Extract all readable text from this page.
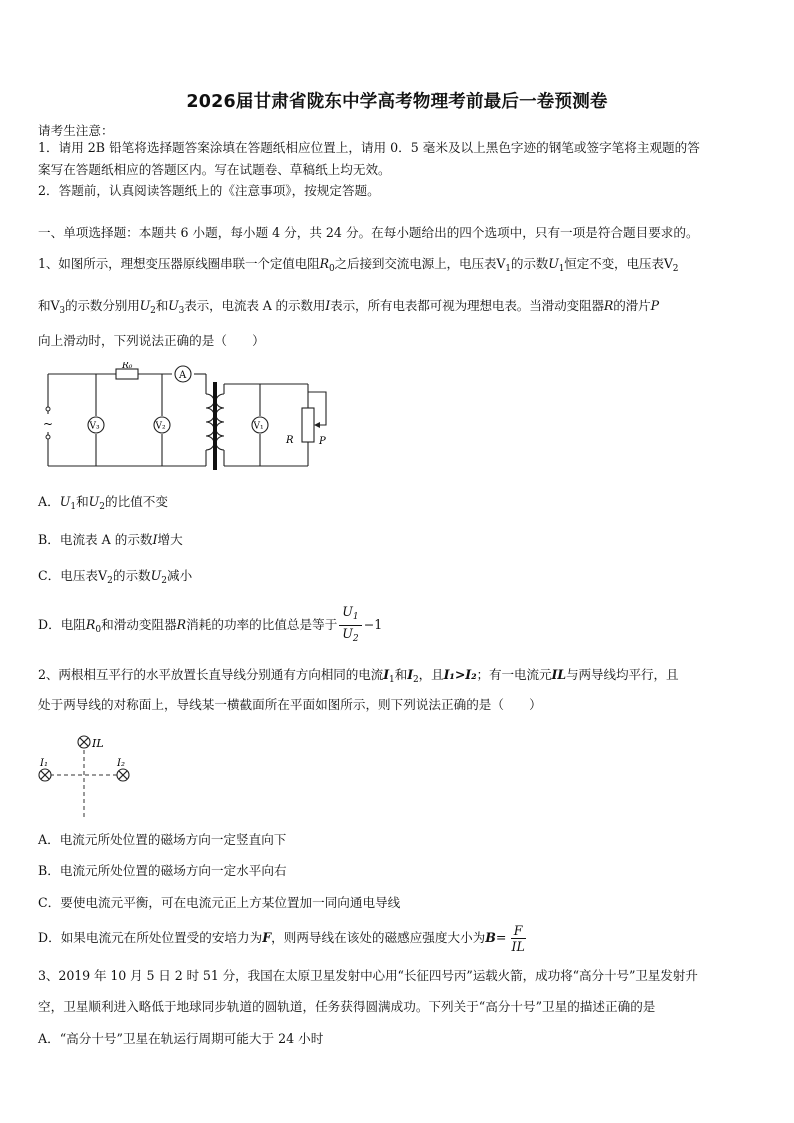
2026届甘肃省陇东中学高考物理考前最后一卷预测卷
请考生注意：
1．请用 2B 铅笔将选择题答案涂填在答题纸相应位置上，请用 0．5 毫米及以上黑色字迹的钢笔或签字笔将主观题的答
案写在答题纸相应的答题区内。写在试题卷、草稿纸上均无效。
2．答题前，认真阅读答题纸上的《注意事项》，按规定答题。
一、单项选择题：本题共 6 小题，每小题 4 分，共 24 分。在每小题给出的四个选项中，只有一项是符合题目要求的。
1、如图所示，理想变压器原线圈串联一个定值电阻$R_0$之后接到交流电源上，电压表$V_1$的示数$U_1$恒定不变，电压表$V_2$
和$V_3$的示数分别用$U_2$和$U_3$表示，电流表 A 的示数用I表示，所有电表都可视为理想电表。当滑动变阻器R的滑片P
向上滑动时，下列说法正确的是（　　）
~
R₀
A
V₃	V₂	V₁
R	P
A．$U_1$和$U_2$的比值不变
B．电流表 A 的示数I增大
C．电压表$V_2$的示数$U_2$减小
D．电阻$R_0$和滑动变阻器R消耗的功率的比值总是等于 $\frac{U_1}{U_2} -1$
2、两根相互平行的水平放置长直导线分别通有方向相同的电流$I_1$和$I_2$，且I₁>I₂；有一电流元IL与两导线均平行，且
处于两导线的对称面上，导线某一横截面所在平面如图所示，则下列说法正确的是（　　）
IL
I₁	I₂
A．电流元所处位置的磁场方向一定竖直向下
B．电流元所处位置的磁场方向一定水平向右
C．要使电流元平衡，可在电流元正上方某位置加一同向通电导线
D．如果电流元在所处位置受的安培力为F，则两导线在该处的磁感应强度大小为$B= \frac{F}{IL}$
3、2019 年 10 月 5 日 2 时 51 分，我国在太原卫星发射中心用“长征四号丙”运载火箭，成功将“高分十号”卫星发射升
空，卫星顺利进入略低于地球同步轨道的圆轨道，任务获得圆满成功。下列关于“高分十号”卫星的描述正确的是
A．“高分十号”卫星在轨运行周期可能大于 24 小时
